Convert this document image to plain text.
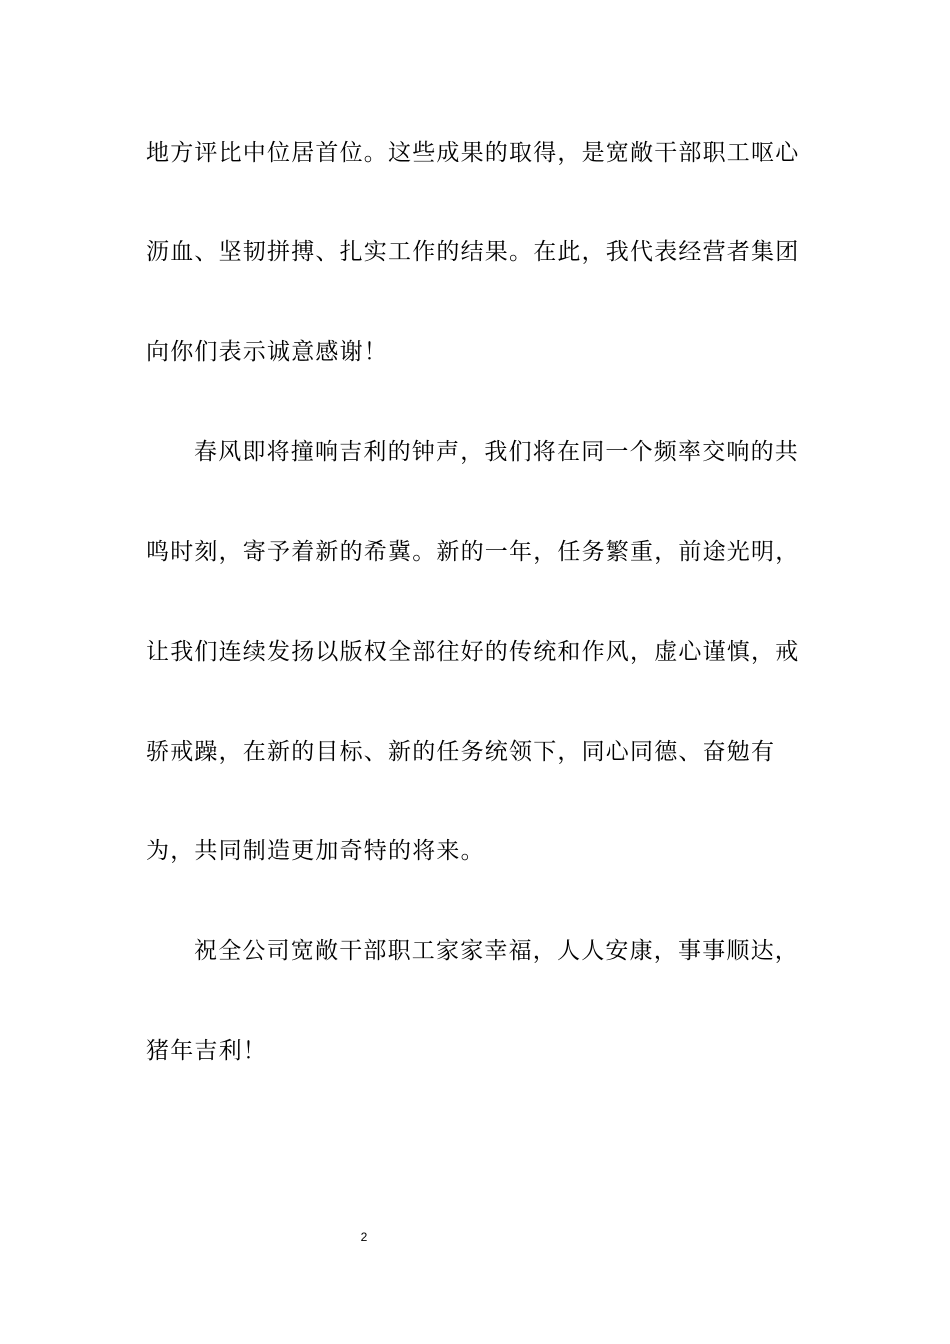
地方评比中位居首位。这些成果的取得，是宽敞干部职工呕心
沥血、坚韧拼搏、扎实工作的结果。在此，我代表经营者集团
向你们表示诚意感谢！
春风即将撞响吉利的钟声，我们将在同一个频率交响的共
鸣时刻，寄予着新的希冀。新的一年，任务繁重，前途光明，
让我们连续发扬以版权全部往好的传统和作风，虚心谨慎，戒
骄戒躁，在新的目标、新的任务统领下，同心同德、奋勉有
为，共同制造更加奇特的将来。
祝全公司宽敞干部职工家家幸福，人人安康，事事顺达，
猪年吉利！
2
